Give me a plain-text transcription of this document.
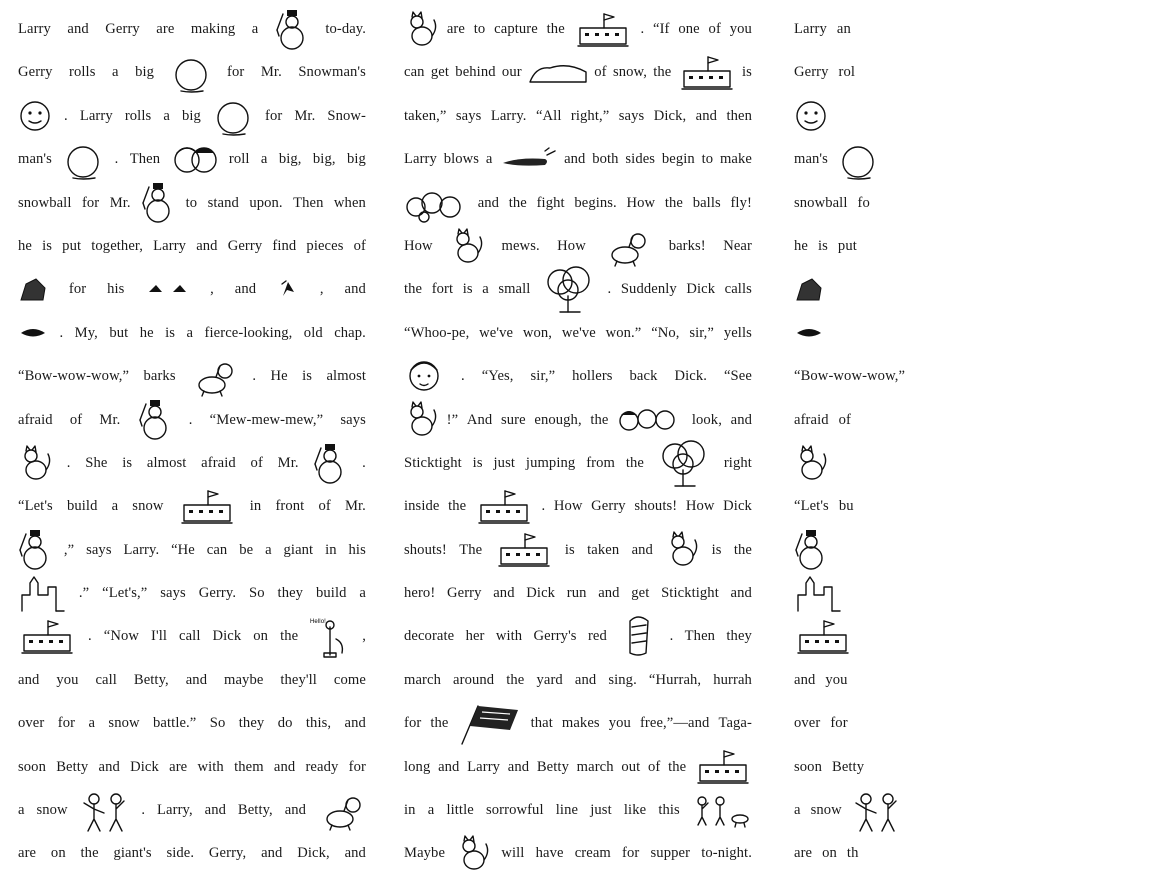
Larry and Gerry are making a	to-day.
Gerry rolls a big	for Mr. Snowman's
. Larry rolls a big	for Mr. Snow-
man's	. Then	roll a big, big, big
snowball for Mr.	to stand upon. Then when
he is put together, Larry and Gerry find pieces of
for his	, and	, and
. My, but he is a fierce-looking, old chap.
“Bow-wow-wow,” barks	. He is almost
afraid of Mr.	. “Mew-mew-mew,” says
. She is almost afraid of Mr.	.
“Let's build a snow	in front of Mr.
,” says Larry. “He can be a giant in his
.” “Let's,” says Gerry. So they build a
. “Now I'll call Dick on the
Hello!
,
and you call Betty, and maybe they'll come
over for a snow battle.” So they do this, and
soon Betty and Dick are with them and ready for
a snow	. Larry, and Betty, and
are on the giant's side. Gerry, and Dick, and
are to capture the	. “If one of you
can get behind our	of snow, the	is
taken,” says Larry. “All right,” says Dick, and then
Larry blows a	and both sides begin to make
and the fight begins. How the balls fly!
How	mews. How	barks! Near
the fort is a small	. Suddenly Dick calls
“Whoo-pe, we've won, we've won.” “No, sir,” yells
. “Yes, sir,” hollers back Dick. “See
!” And sure enough, the	look, and
Sticktight is just jumping from the	right
inside the	. How Gerry shouts! How Dick
shouts! The	is taken and	is the
hero! Gerry and Dick run and get Sticktight and
decorate her with Gerry's red	. Then they
march around the yard and sing. “Hurrah, hurrah
for the	that makes you free,”—and Taga-
long and Larry and Betty march out of the
in a little sorrowful line just like this
Maybe	will have cream for supper to-night.
Larry an
Gerry rol
man's
snowball fo
he is put
“Bow-wow-wow,”
afraid of
“Let's bu
and you
over for
soon Betty
a snow
are on th
